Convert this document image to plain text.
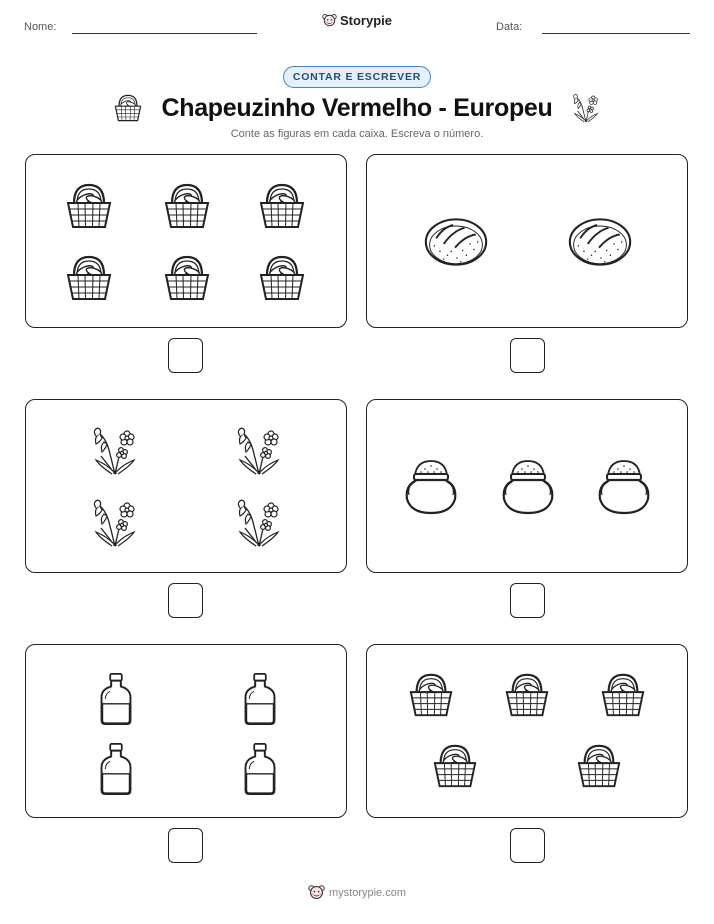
Nome:	Storypie	Data:
CONTAR E ESCREVER
Chapeuzinho Vermelho - Europeu
Conte as figuras em cada caixa. Escreva o número.
mystorypie.com
